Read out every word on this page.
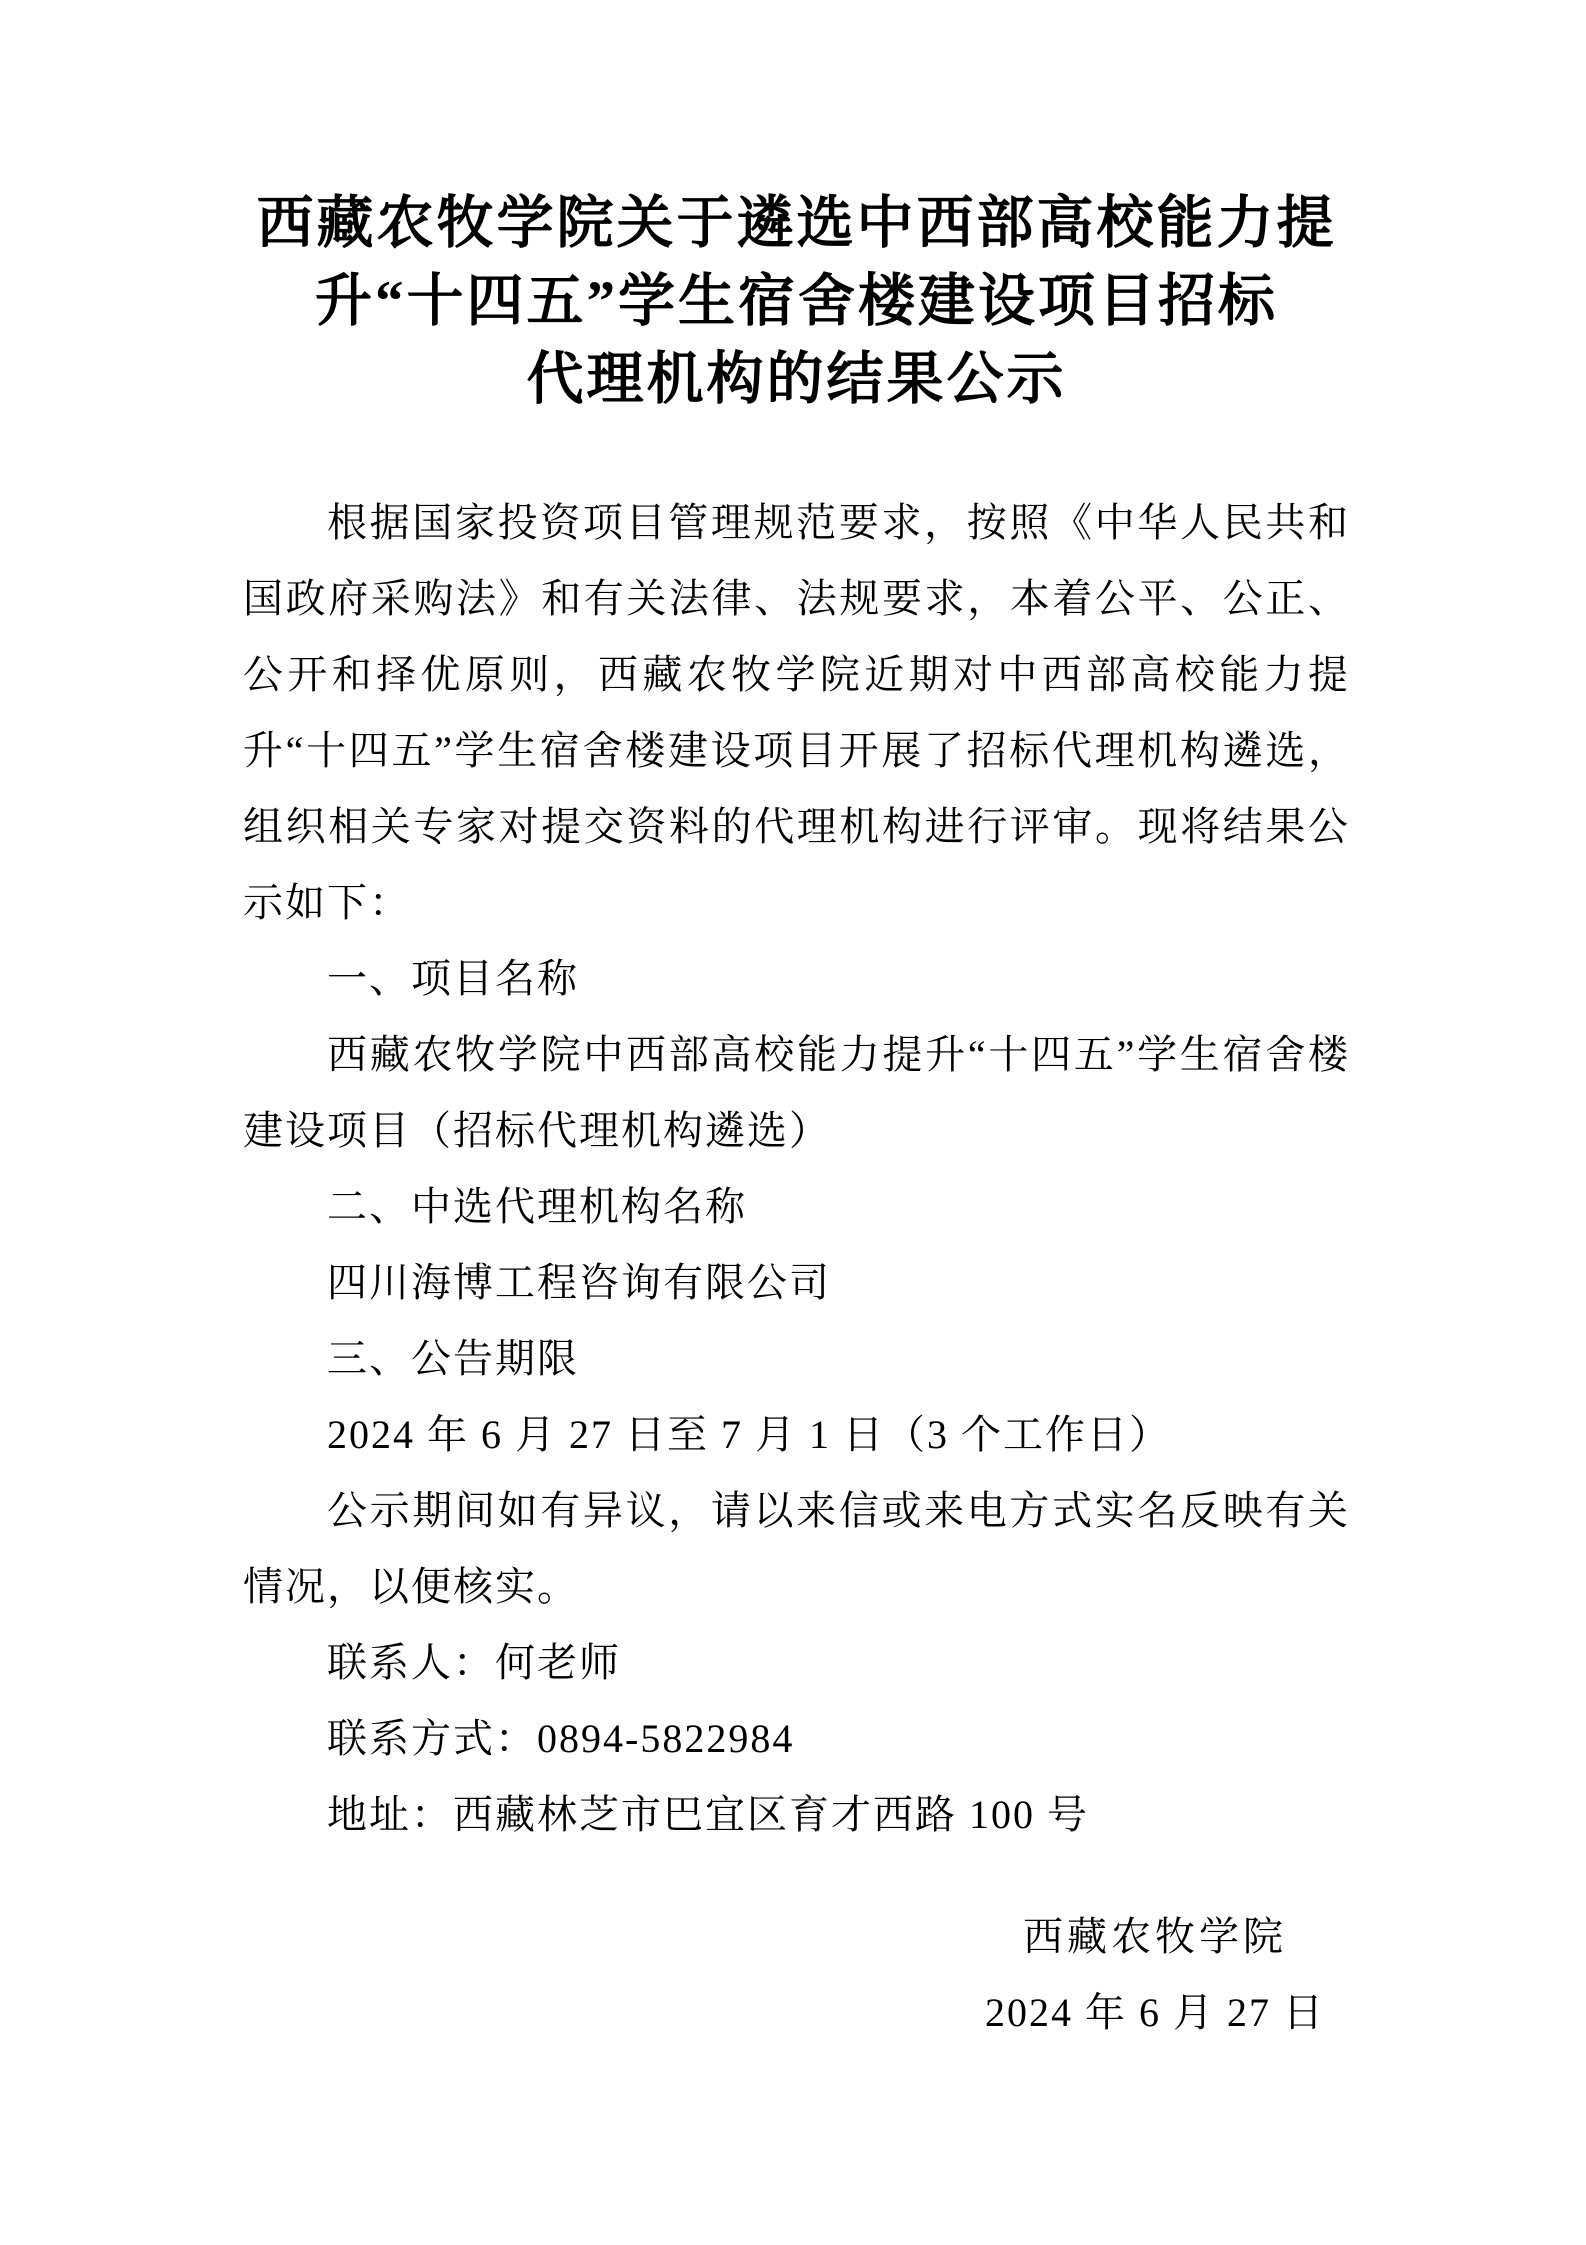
西藏农牧学院关于遴选中西部高校能力提
升“十四五”学生宿舍楼建设项目招标
代理机构的结果公示

根据国家投资项目管理规范要求，按照《中华人民共和国政府采购法》和有关法律、法规要求，本着公平、公正、公开和择优原则，西藏农牧学院近期对中西部高校能力提升“十四五”学生宿舍楼建设项目开展了招标代理机构遴选，组织相关专家对提交资料的代理机构进行评审。现将结果公示如下：

一、项目名称

西藏农牧学院中西部高校能力提升“十四五”学生宿舍楼建设项目（招标代理机构遴选）

二、中选代理机构名称

四川海博工程咨询有限公司

三、公告期限

2024 年 6 月 27 日至 7 月 1 日（3 个工作日）

公示期间如有异议，请以来信或来电方式实名反映有关情况，以便核实。

联系人：何老师

联系方式：0894-5822984

地址：西藏林芝市巴宜区育才西路 100 号

西藏农牧学院
2024 年 6 月 27 日
